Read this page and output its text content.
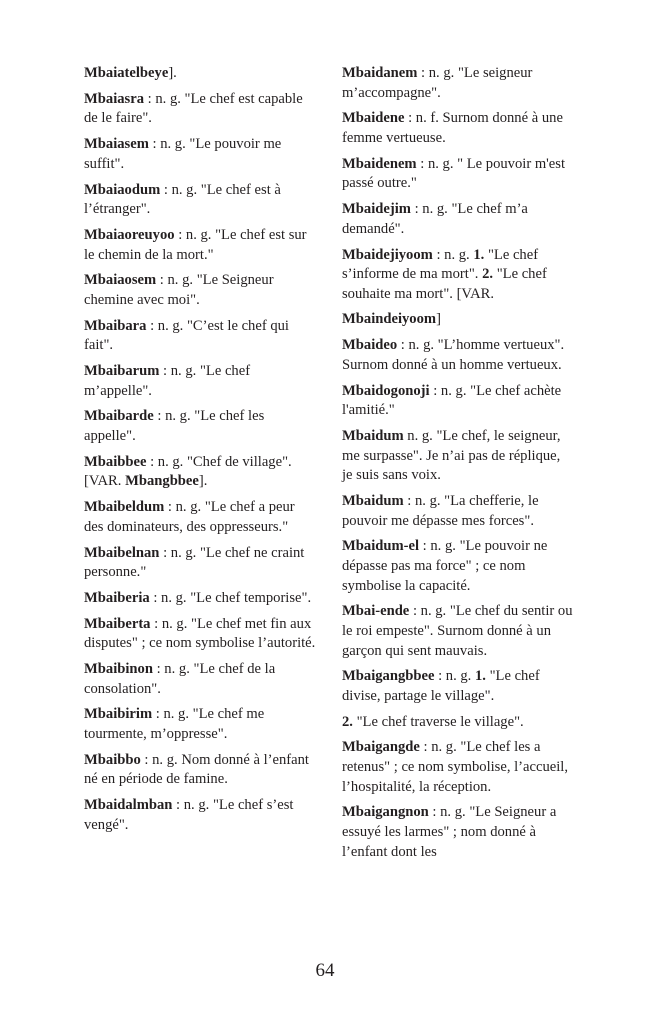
Mbaiatelbeye].

Mbaiasra : n. g. "Le chef est capable de le faire".

Mbaiasem : n. g. "Le pouvoir me suffit".

Mbaiaodum : n. g. "Le chef est à l’étranger".

Mbaiaoreuyoo : n. g. "Le chef est sur le chemin de la mort."

Mbaiaosem : n. g. "Le Seigneur chemine avec moi".

Mbaibara : n. g. "C’est le chef qui fait".

Mbaibarum : n. g. "Le chef m’appelle".

Mbaibarde : n. g. "Le chef les appelle".

Mbaibbee : n. g. "Chef de village". [VAR. Mbangbbee].

Mbaibeldum : n. g. "Le chef a peur des dominateurs, des oppresseurs."

Mbaibelnan : n. g. "Le chef ne craint personne."

Mbaiberia : n. g. "Le chef temporise".

Mbaiberta : n. g. "Le chef met fin aux disputes" ; ce nom symbolise l’autorité.

Mbaibinon : n. g. "Le chef de la consolation".

Mbaibirim : n. g. "Le chef me tourmente, m’oppresse".

Mbaibbo : n. g. Nom donné à l’enfant né en période de famine.

Mbaidalmban : n. g. "Le chef s’est vengé".

Mbaidanem : n. g. "Le seigneur m’accompagne".

Mbaidene : n. f. Surnom donné à une femme vertueuse.

Mbaidenem : n. g. " Le pouvoir m'est passé outre."

Mbaidejim : n. g. "Le chef m’a demandé".

Mbaidejiyoom : n. g. 1. "Le chef s’informe de ma mort". 2. "Le chef souhaite ma mort". [VAR.

Mbaindeiyoom]

Mbaideo : n. g. "L’homme vertueux". Surnom donné à un homme vertueux.

Mbaidogonoji : n. g. "Le chef achète l'amitié."

Mbaidum n. g. "Le chef, le seigneur, me surpasse". Je n’ai pas de réplique, je suis sans voix.

Mbaidum : n. g. "La chefferie, le pouvoir me dépasse mes forces".

Mbaidum-el : n. g. "Le pouvoir ne dépasse pas ma force" ; ce nom symbolise la capacité.

Mbai-ende : n. g. "Le chef du sentir ou le roi empeste". Surnom donné à un garçon qui sent mauvais.

Mbaigangbbee : n. g. 1. "Le chef divise, partage le village".

2. "Le chef traverse le village".

Mbaigangde : n. g. "Le chef les a retenus" ; ce nom symbolise, l’accueil, l’hospitalité, la réception.

Mbaigangnon : n. g. "Le Seigneur a essuyé les larmes" ; nom donné à l’enfant dont les

64
